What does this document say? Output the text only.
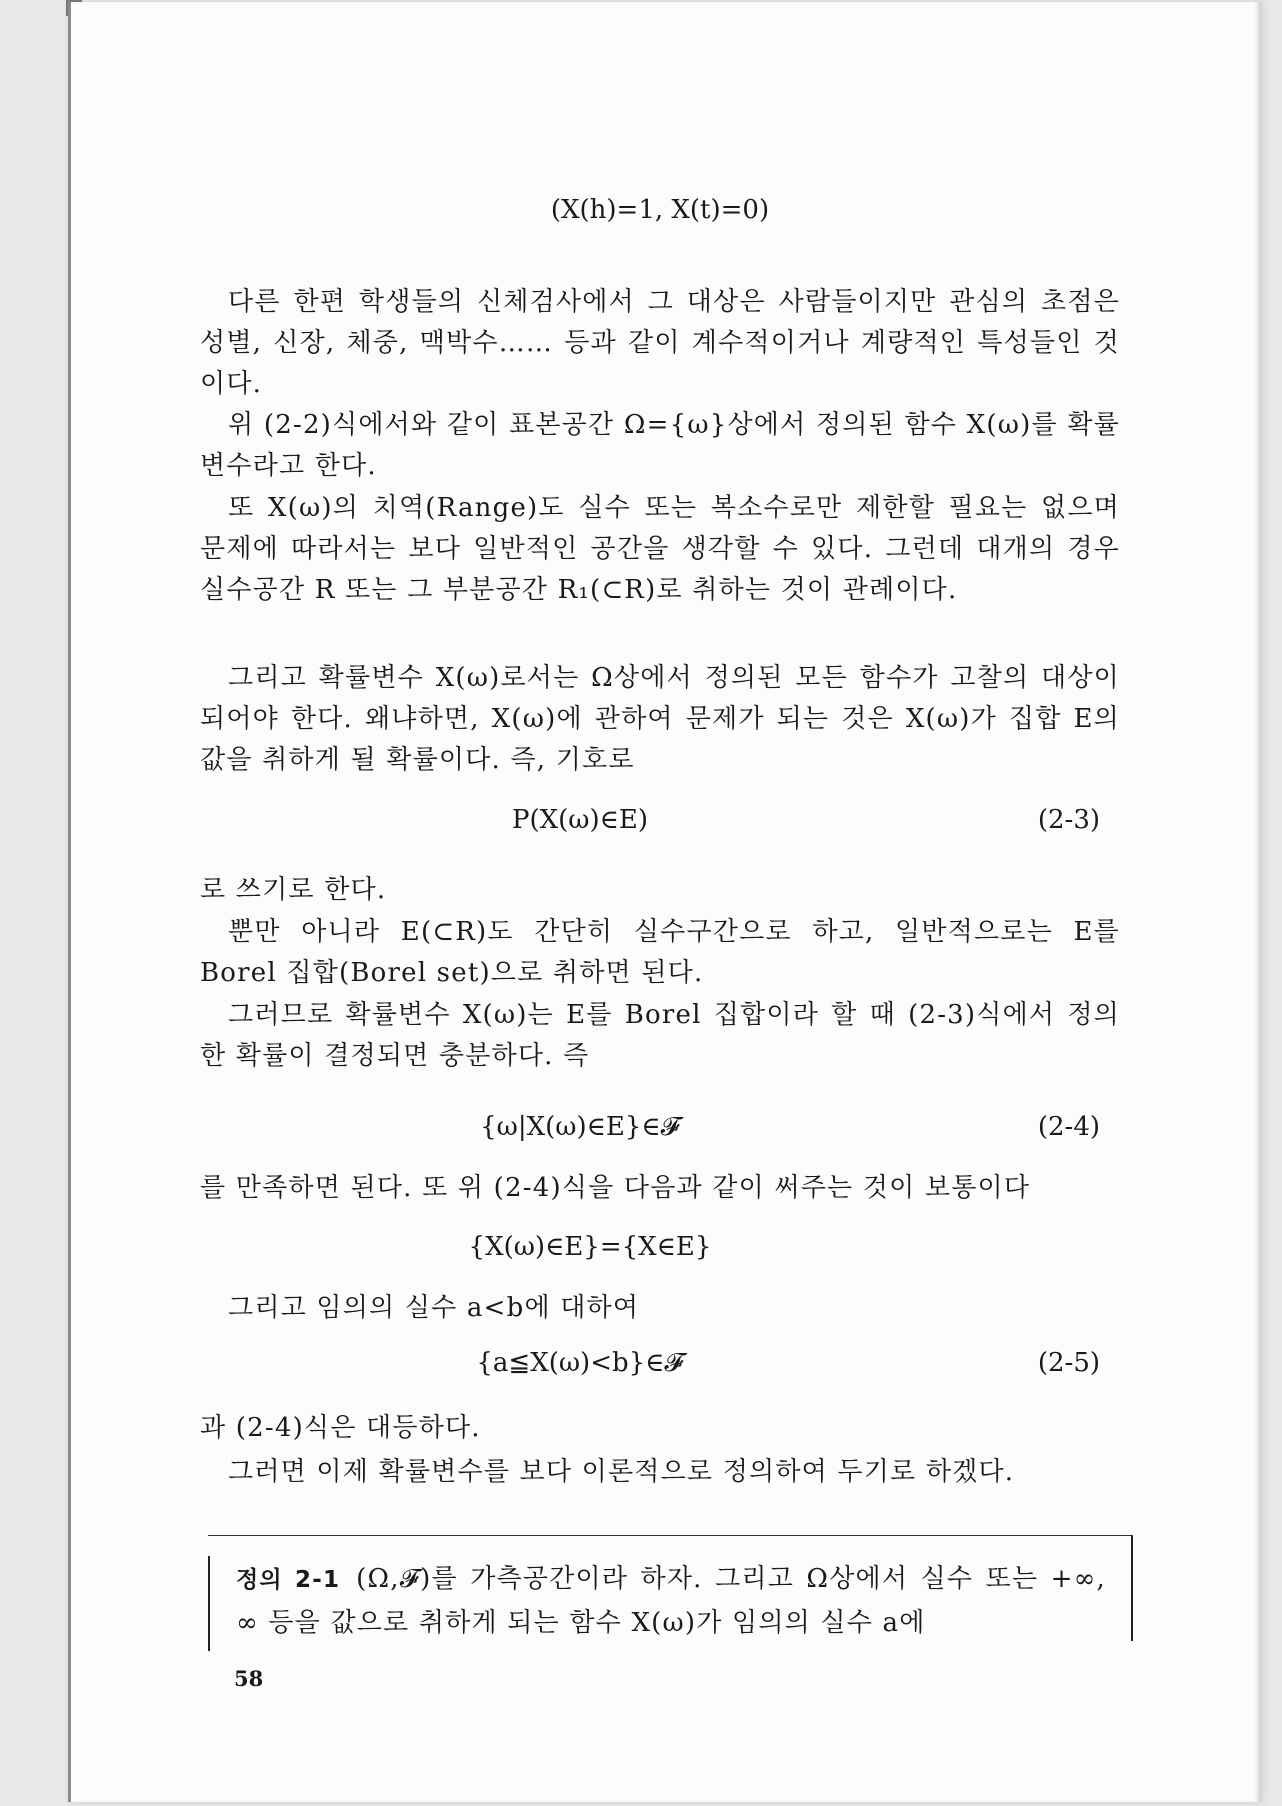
(X(h)=1, X(t)=0)
다른 한편 학생들의 신체검사에서 그 대상은 사람들이지만 관심의 초점은 성별, 신장, 체중, 맥박수…… 등과 같이 계수적이거나 계량적인 특성들인 것이다.
위 (2-2)식에서와 같이 표본공간 Ω={ω}상에서 정의된 함수 X(ω)를 확률변수라고 한다.
또 X(ω)의 치역(Range)도 실수 또는 복소수로만 제한할 필요는 없으며 문제에 따라서는 보다 일반적인 공간을 생각할 수 있다. 그런데 대개의 경우 실수공간 R 또는 그 부분공간 R₁(⊂R)로 취하는 것이 관례이다.
그리고 확률변수 X(ω)로서는 Ω상에서 정의된 모든 함수가 고찰의 대상이 되어야 한다. 왜냐하면, X(ω)에 관하여 문제가 되는 것은 X(ω)가 집합 E의 값을 취하게 될 확률이다. 즉, 기호로
P(X(ω)∈E)	(2-3)
로 쓰기로 한다.
뿐만 아니라 E(⊂R)도 간단히 실수구간으로 하고, 일반적으로는 E를 Borel 집합(Borel set)으로 취하면 된다.
그러므로 확률변수 X(ω)는 E를 Borel 집합이라 할 때 (2-3)식에서 정의한 확률이 결정되면 충분하다. 즉
{ω|X(ω)∈E}∈𝓕	(2-4)
를 만족하면 된다. 또 위 (2-4)식을 다음과 같이 써주는 것이 보통이다
{X(ω)∈E}={X∈E}
그리고 임의의 실수 a<b에 대하여
{a≦X(ω)<b}∈𝓕	(2-5)
과 (2-4)식은 대등하다.
그러면 이제 확률변수를 보다 이론적으로 정의하여 두기로 하겠다.
정의 2-1 (Ω,𝓕)를 가측공간이라 하자. 그리고 Ω상에서 실수 또는 +∞, ∞ 등을 값으로 취하게 되는 함수 X(ω)가 임의의 실수 a에
58
